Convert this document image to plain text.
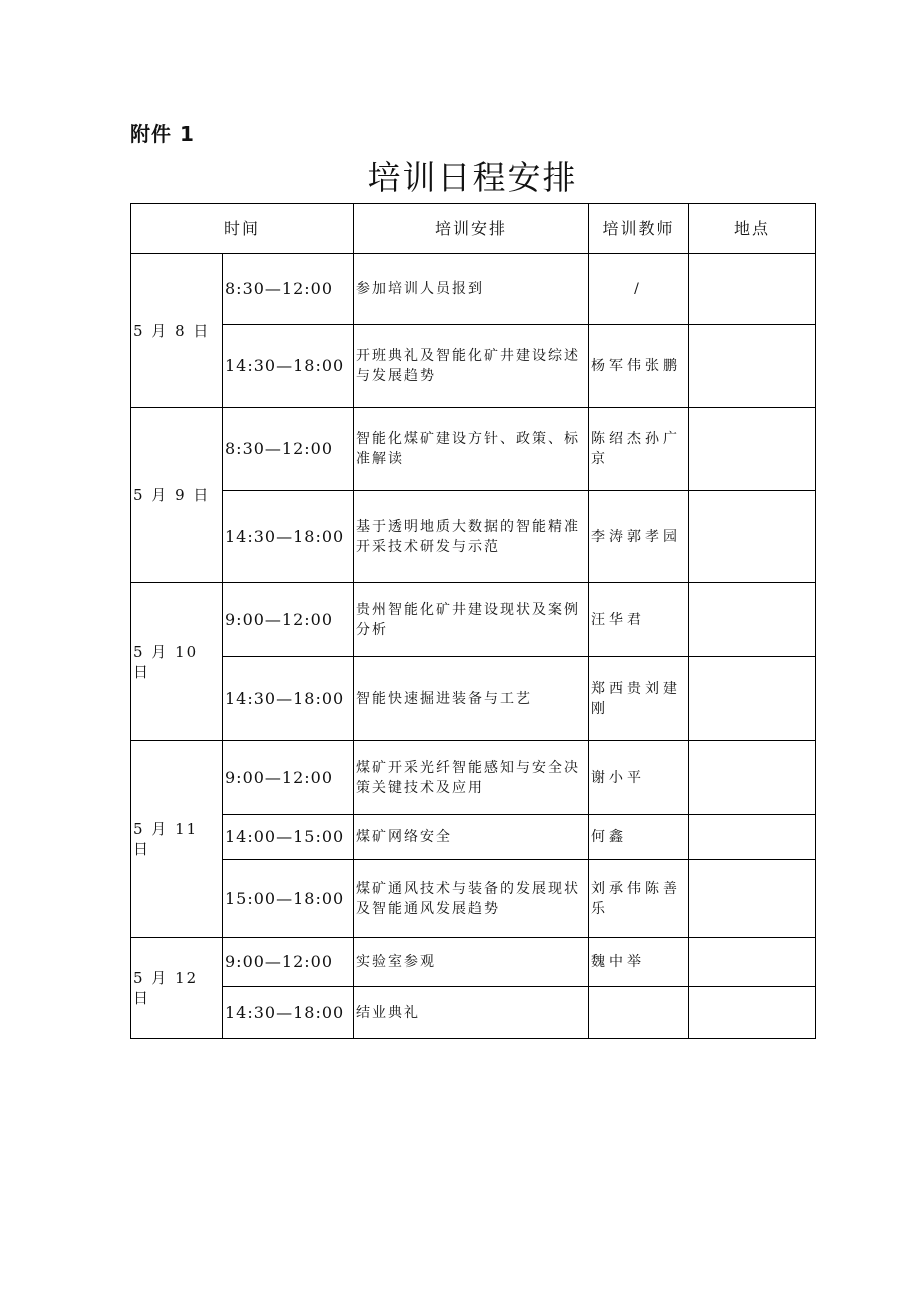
附件 1
培训日程安排
时间		培训安排	培训教师	地点
5 月 8 日	8:30—12:00	参加培训人员报到	/	
	14:30—18:00	开班典礼及智能化矿井建设综述与发展趋势	杨军伟张鹏	
5 月 9 日	8:30—12:00	智能化煤矿建设方针、政策、标准解读	陈绍杰孙广京	
	14:30—18:00	基于透明地质大数据的智能精准开采技术研发与示范	李涛郭孝园	
5 月 10 日	9:00—12:00	贵州智能化矿井建设现状及案例分析	汪华君	
	14:30—18:00	智能快速掘进装备与工艺	郑西贵刘建刚	
5 月 11 日	9:00—12:00	煤矿开采光纤智能感知与安全决策关键技术及应用	谢小平	
	14:00—15:00	煤矿网络安全	何鑫	
	15:00—18:00	煤矿通风技术与装备的发展现状及智能通风发展趋势	刘承伟陈善乐	
5 月 12 日	9:00—12:00	实验室参观	魏中举	
	14:30—18:00	结业典礼		
